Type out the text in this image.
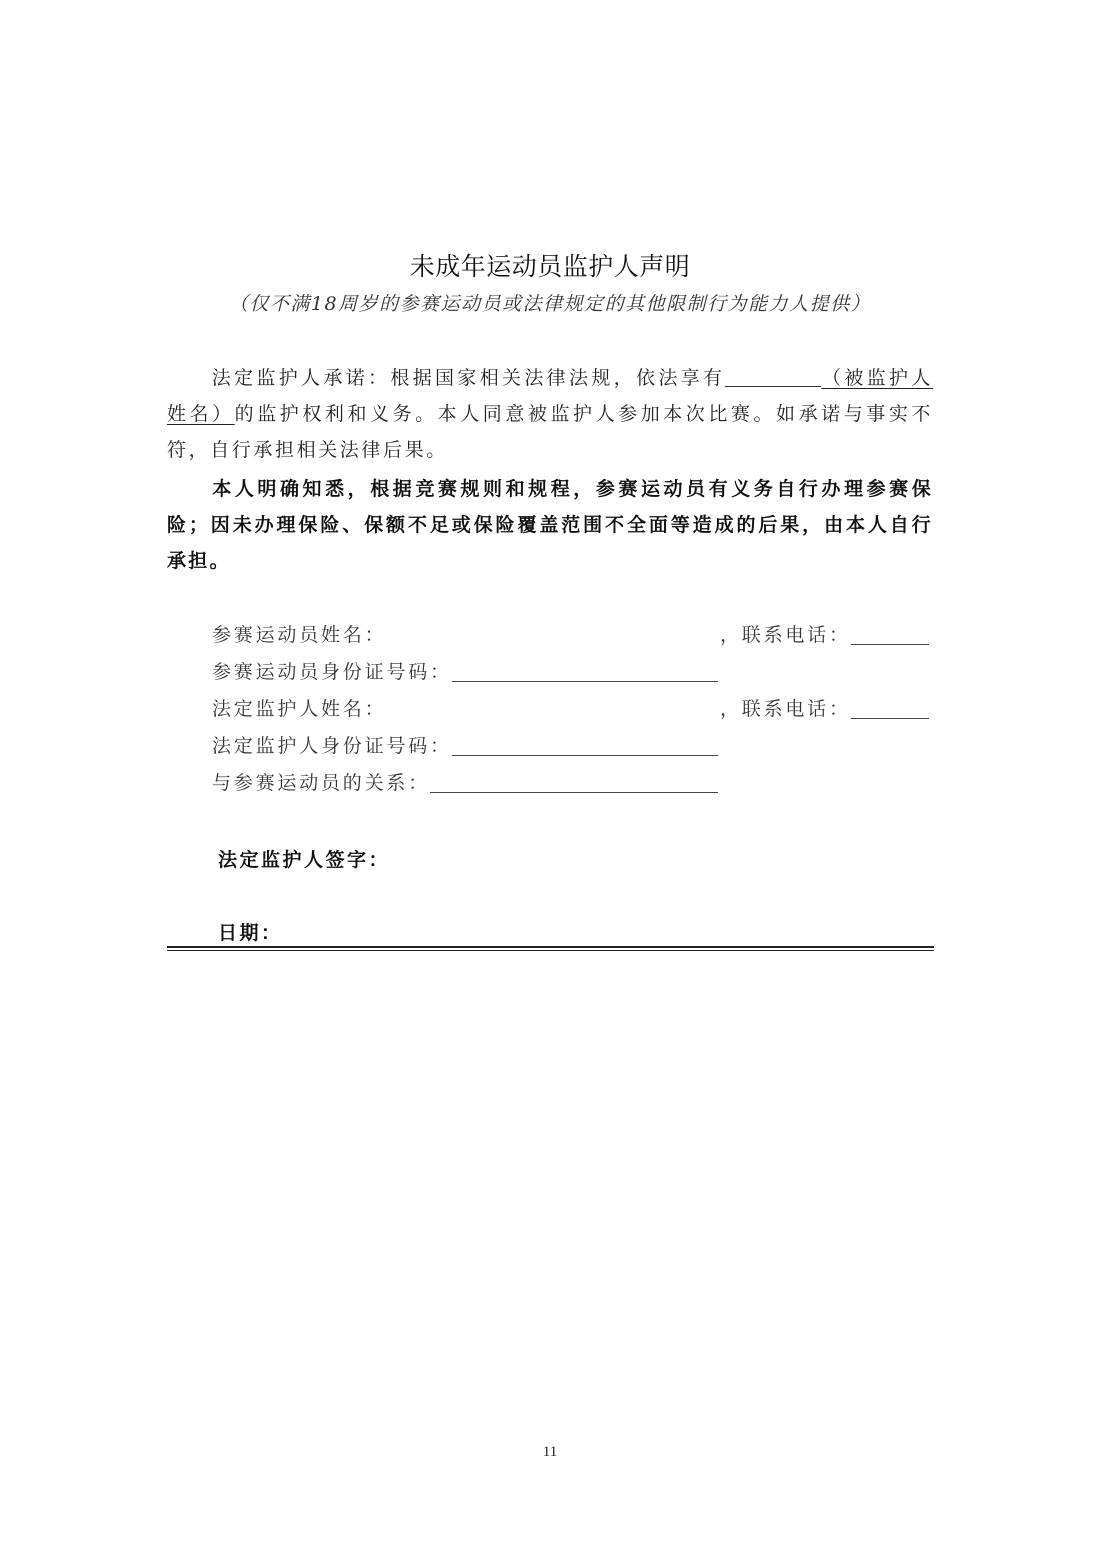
未成年运动员监护人声明
（仅不满18周岁的参赛运动员或法律规定的其他限制行为能力人提供）
法定监护人承诺：根据国家相关法律法规，依法享有	（被监护人姓名）的监护权利和义务。本人同意被监护人参加本次比赛。如承诺与事实不符，自行承担相关法律后果。
本人明确知悉，根据竞赛规则和规程，参赛运动员有义务自行办理参赛保险；因未办理保险、保额不足或保险覆盖范围不全面等造成的后果，由本人自行承担。
参赛运动员姓名：	，联系电话：
参赛运动员身份证号码：
法定监护人姓名：	，联系电话：
法定监护人身份证号码：
与参赛运动员的关系：
法定监护人签字：
日期：
11
